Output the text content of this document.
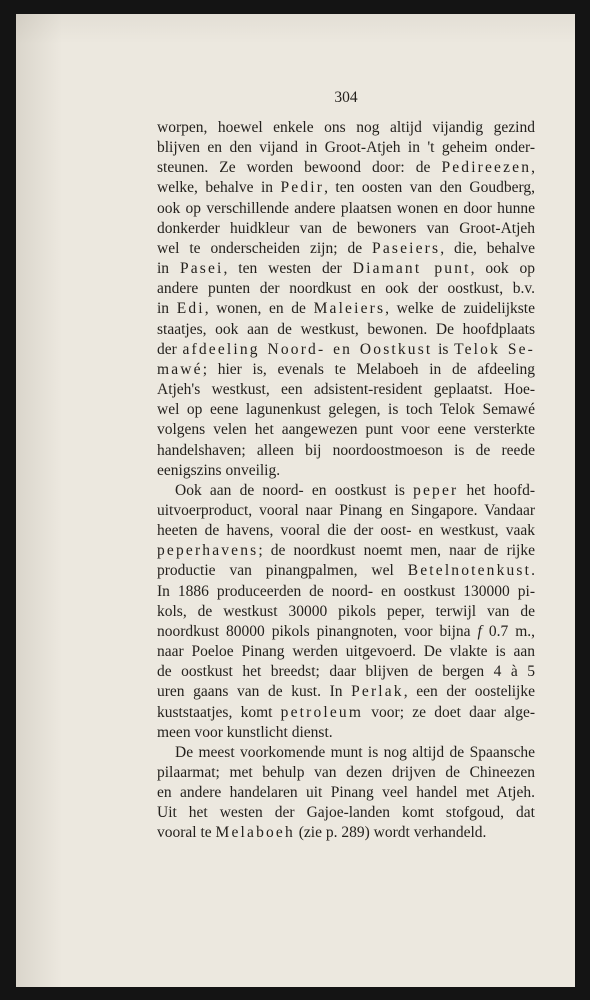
304
worpen, hoewel enkele ons nog altijd vijandig gezind
blijven en den vijand in Groot-Atjeh in 't geheim onder-
steunen. Ze worden bewoond door: de Pedireezen,
welke, behalve in Pedir, ten oosten van den Goudberg,
ook op verschillende andere plaatsen wonen en door hunne
donkerder huidkleur van de bewoners van Groot-Atjeh
wel te onderscheiden zijn; de Paseiers, die, behalve
in Pasei, ten westen der Diamant punt, ook op
andere punten der noordkust en ook der oostkust, b.v.
in Edi, wonen, en de Maleiers, welke de zuidelijkste
staatjes, ook aan de westkust, bewonen. De hoofdplaats
der afdeeling Noord- en Oostkust is Telok Se-
mawé; hier is, evenals te Melaboeh in de afdeeling
Atjeh's westkust, een adsistent-resident geplaatst. Hoe-
wel op eene lagunenkust gelegen, is toch Telok Semawé
volgens velen het aangewezen punt voor eene versterkte
handelshaven; alleen bij noordoostmoeson is de reede
eenigszins onveilig.
Ook aan de noord- en oostkust is peper het hoofd-
uitvoerproduct, vooral naar Pinang en Singapore. Vandaar
heeten de havens, vooral die der oost- en westkust, vaak
peperhavens; de noordkust noemt men, naar de rijke
productie van pinangpalmen, wel Betelnotenkust.
In 1886 produceerden de noord- en oostkust 130000 pi-
kols, de westkust 30000 pikols peper, terwijl van de
noordkust 80000 pikols pinangnoten, voor bijna f 0.7 m.,
naar Poeloe Pinang werden uitgevoerd. De vlakte is aan
de oostkust het breedst; daar blijven de bergen 4 à 5
uren gaans van de kust. In Perlak, een der oostelijke
kuststaatjes, komt petroleum voor; ze doet daar alge-
meen voor kunstlicht dienst.
De meest voorkomende munt is nog altijd de Spaansche
pilaarmat; met behulp van dezen drijven de Chineezen
en andere handelaren uit Pinang veel handel met Atjeh.
Uit het westen der Gajoe-landen komt stofgoud, dat
vooral te Melaboeh (zie p. 289) wordt verhandeld.
